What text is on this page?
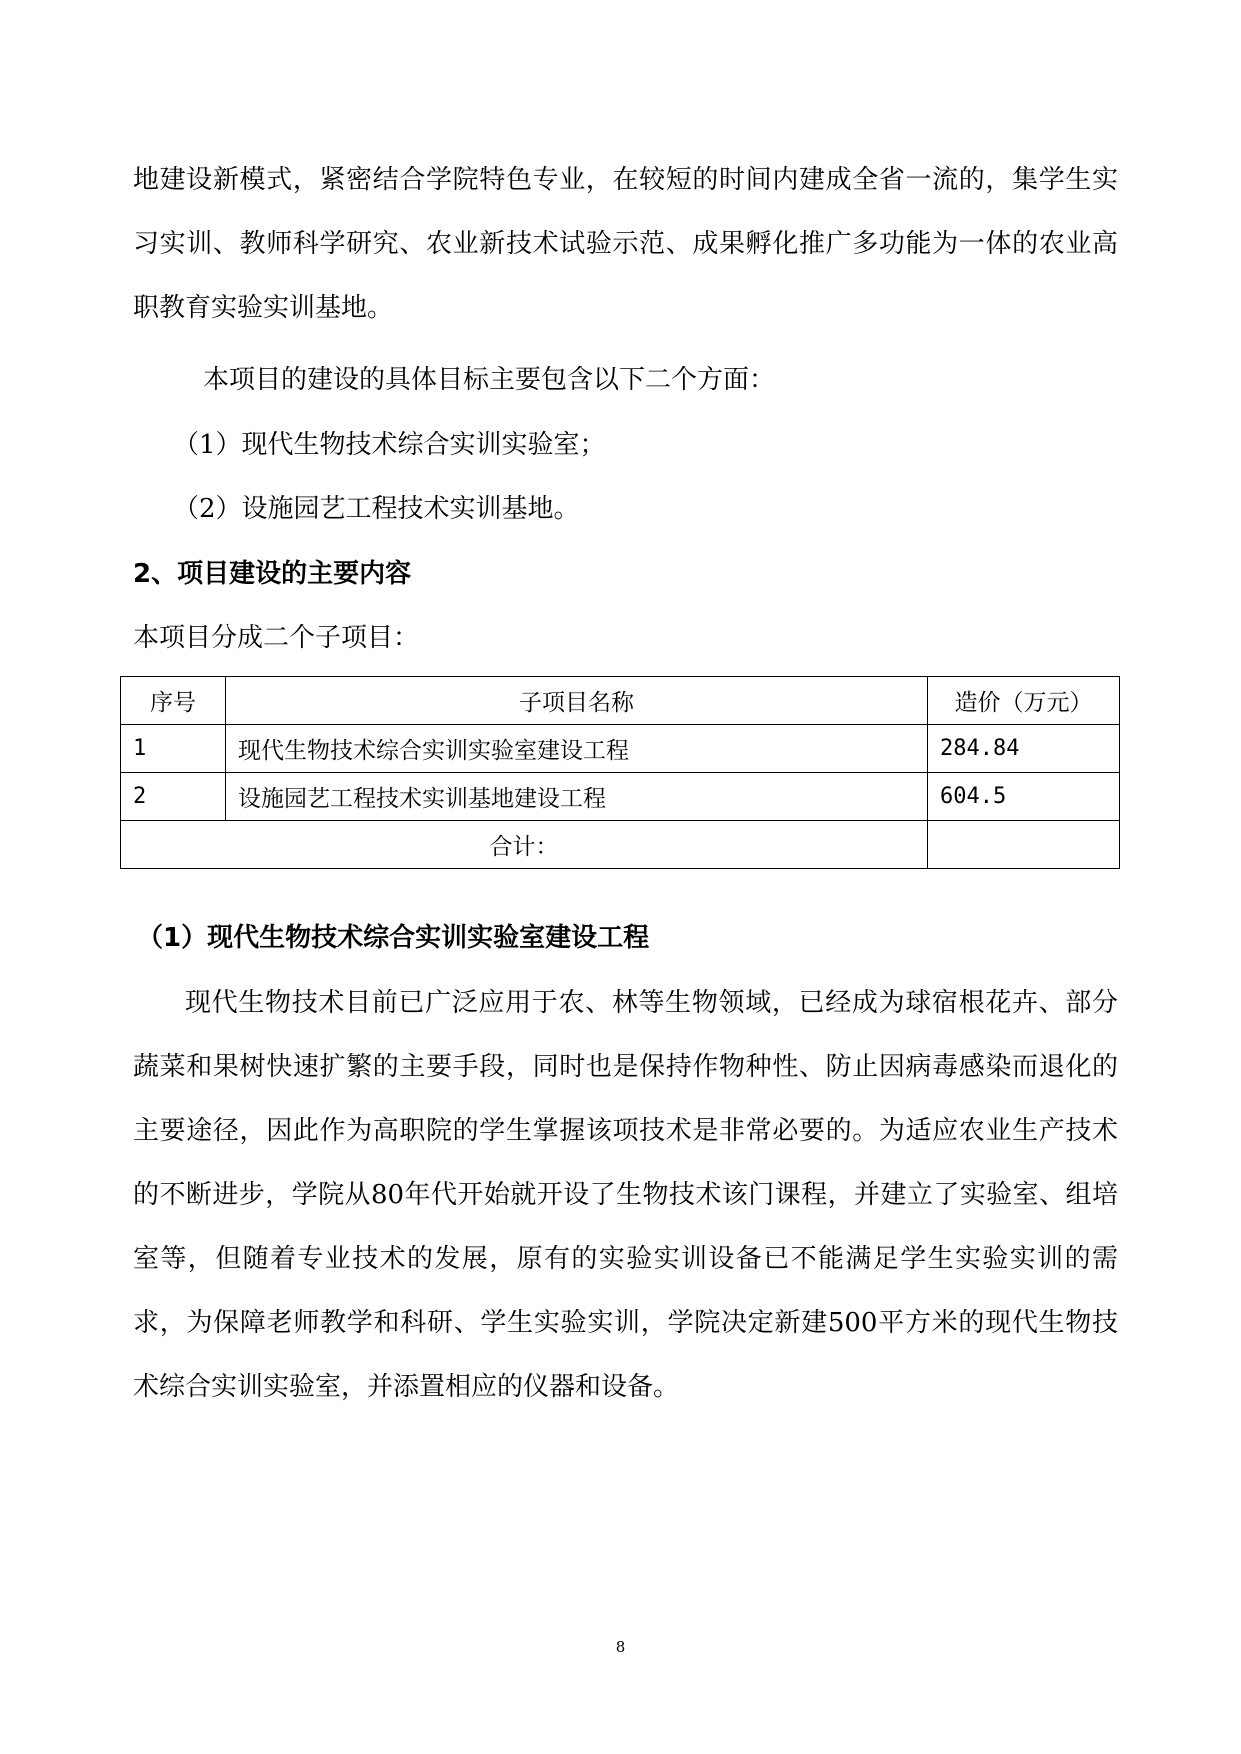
地建设新模式，紧密结合学院特色专业，在较短的时间内建成全省一流的，集学生实习实训、教师科学研究、农业新技术试验示范、成果孵化推广多功能为一体的农业高职教育实验实训基地。

本项目的建设的具体目标主要包含以下二个方面：

（1）现代生物技术综合实训实验室；

（2）设施园艺工程技术实训基地。

2、项目建设的主要内容

本项目分成二个子项目：

序号	子项目名称	造价（万元）
1	现代生物技术综合实训实验室建设工程	284.84
2	设施园艺工程技术实训基地建设工程	604.5
合计：		
（1）现代生物技术综合实训实验室建设工程

现代生物技术目前已广泛应用于农、林等生物领域，已经成为球宿根花卉、部分蔬菜和果树快速扩繁的主要手段，同时也是保持作物种性、防止因病毒感染而退化的主要途径，因此作为高职院的学生掌握该项技术是非常必要的。为适应农业生产技术的不断进步，学院从80年代开始就开设了生物技术该门课程，并建立了实验室、组培室等，但随着专业技术的发展，原有的实验实训设备已不能满足学生实验实训的需求，为保障老师教学和科研、学生实验实训，学院决定新建500平方米的现代生物技术综合实训实验室，并添置相应的仪器和设备。

8
